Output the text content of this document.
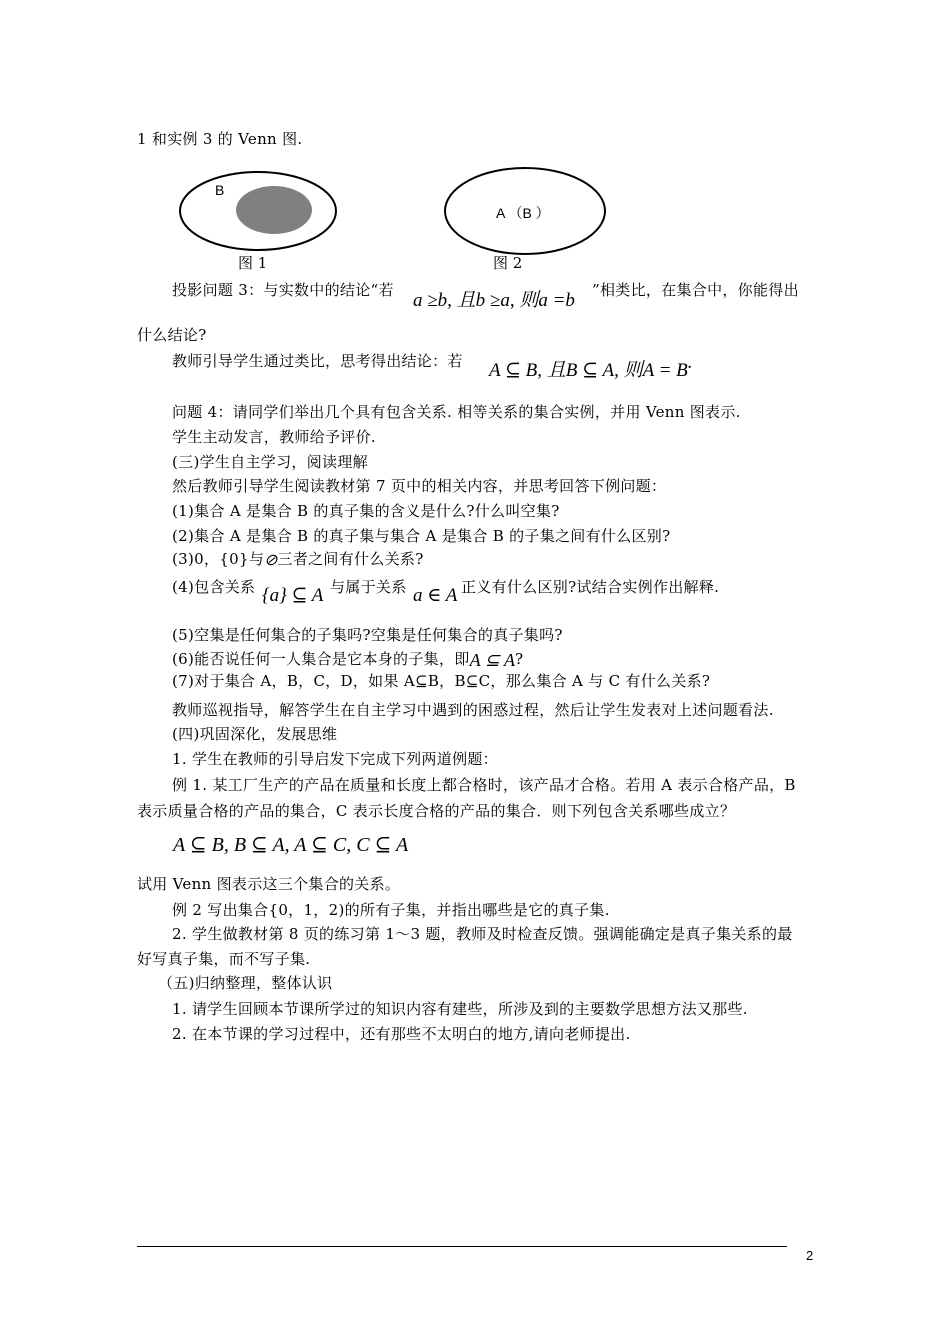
1 和实例 3 的 Venn 图.
B
图 1
A （B ）
图 2
投影问题 3：与实数中的结论“若 a ≥b, 且b ≥a, 则a =b ”相类比，在集合中，你能得出
什么结论?
教师引导学生通过类比，思考得出结论：若 A ⊆ B, 且B ⊆ A, 则A = B.
问题 4：请同学们举出几个具有包含关系. 相等关系的集合实例，并用 Venn 图表示.
学生主动发言，教师给予评价.
(三)学生自主学习，阅读理解
然后教师引导学生阅读教材第 7 页中的相关内容，并思考回答下例问题：
(1)集合 A 是集合 B 的真子集的含义是什么?什么叫空集?
(2)集合 A 是集合 B 的真子集与集合 A 是集合 B 的子集之间有什么区别?
(3)0，{0}与⊘三者之间有什么关系?
(4)包含关系 {a} ⊆ A 与属于关系 a ∈ A 正义有什么区别?试结合实例作出解释.
(5)空集是任何集合的子集吗?空集是任何集合的真子集吗?
(6)能否说任何一人集合是它本身的子集，即A ⊆ A?
(7)对于集合 A，B，C，D，如果 A⊆B，B⊆C，那么集合 A 与 C 有什么关系?
教师巡视指导，解答学生在自主学习中遇到的困惑过程，然后让学生发表对上述问题看法.
(四)巩固深化，发展思维
1. 学生在教师的引导启发下完成下列两道例题：
例 1. 某工厂生产的产品在质量和长度上都合格时，该产品才合格。若用 A 表示合格产品，B
表示质量合格的产品的集合，C 表示长度合格的产品的集合．则下列包含关系哪些成立？
A ⊆ B, B ⊆ A, A ⊆ C, C ⊆ A
试用 Venn 图表示这三个集合的关系。
例 2 写出集合{0，1，2)的所有子集，并指出哪些是它的真子集.
2. 学生做教材第 8 页的练习第 1～3 题，教师及时检查反馈。强调能确定是真子集关系的最
好写真子集，而不写子集.
（五)归纳整理，整体认识
1. 请学生回顾本节课所学过的知识内容有建些，所涉及到的主要数学思想方法又那些.
2. 在本节课的学习过程中，还有那些不太明白的地方,请向老师提出.
2
